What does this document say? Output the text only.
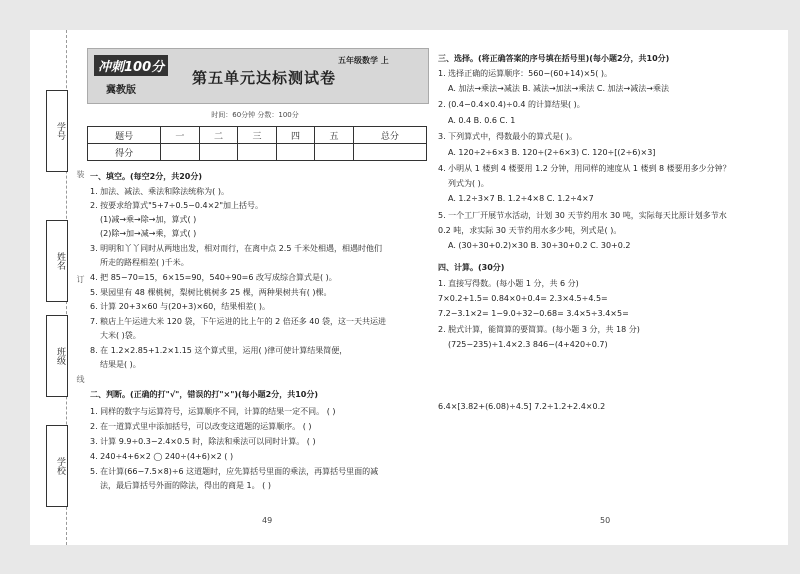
学号
姓名
班级
学校
装
订
线
冲刺100分
冀教版
第五单元达标测试卷
五年级数学 上
时间：60分钟 分数：100分
题号	一	二	三	四	五	总分
得分						
一、填空。(每空2分，共20分)
1. 加法、减法、乘法和除法统称为( )。
2. 按要求给算式"5+7÷0.5−0.4×2"加上括号。
(1)减→乘→除→加，算式( )
(2)除→加→减→乘，算式( )
3. 明明和丫丫同时从两地出发，相对而行，在离中点 2.5 千米处相遇，相遇时他们
所走的路程相差( )千米。
4. 把 85−70=15，6×15=90，540÷90=6 改写成综合算式是( )。
5. 果园里有 48 棵桃树，梨树比桃树多 25 棵，两种果树共有( )棵。
6. 计算 20+3×60 与(20+3)×60，结果相差( )。
7. 粮店上午运进大米 120 袋，下午运进的比上午的 2 倍还多 40 袋，这一天共运进
大米( )袋。
8. 在 1.2×2.85+1.2×1.15 这个算式里，运用( )律可使计算结果简便，
结果是( )。
二、判断。(正确的打"√"，错误的打"×")(每小题2分，共10分)
1. 同样的数字与运算符号，运算顺序不同，计算的结果一定不同。 ( )
2. 在一道算式里中添加括号，可以改变这道题的运算顺序。 ( )
3. 计算 9.9÷0.3−2.4×0.5 时，除法和乘法可以同时计算。 ( )
4. 240÷4+6×2 ◯ 240÷(4+6)×2 ( )
5. 在计算(66−7.5×8)÷6 这道题时，应先算括号里面的乘法，再算括号里面的减
法，最后算括号外面的除法，得出的商是 1。 ( )
49
三、选择。(将正确答案的序号填在括号里)(每小题2分，共10分)
1. 选择正确的运算顺序：560−(60+14)×5( )。
A. 加法→乘法→减法 B. 减法→加法→乘法 C. 加法→减法→乘法
2. (0.4−0.4×0.4)÷0.4 的计算结果( )。
A. 0.4 B. 0.6 C. 1
3. 下列算式中，得数最小的算式是( )。
A. 120÷2÷6×3 B. 120÷(2÷6×3) C. 120÷[(2÷6)×3]
4. 小明从 1 楼到 4 楼要用 1.2 分钟，用同样的速度从 1 楼到 8 楼要用多少分钟？
列式为( )。
A. 1.2÷3×7 B. 1.2÷4×8 C. 1.2÷4×7
5. 一个工厂开展节水活动，计划 30 天节约用水 30 吨，实际每天比原计划多节水
0.2 吨，求实际 30 天节约用水多少吨，列式是( )。
A. (30÷30+0.2)×30 B. 30÷30+0.2 C. 30+0.2
四、计算。(30分)
1. 直接写得数。(每小题 1 分，共 6 分)
7×0.2+1.5= 0.84×0÷0.4= 2.3×4.5÷4.5=
7.2−3.1×2= 1−9.0÷32−0.68= 3.4×5÷3.4×5=
2. 脱式计算，能简算的要简算。(每小题 3 分，共 18 分)
(725−235)÷1.4×2.3 846−(4+420÷0.7)
6.4×[3.82+(6.08)÷4.5] 7.2÷1.2+2.4×0.2
50
